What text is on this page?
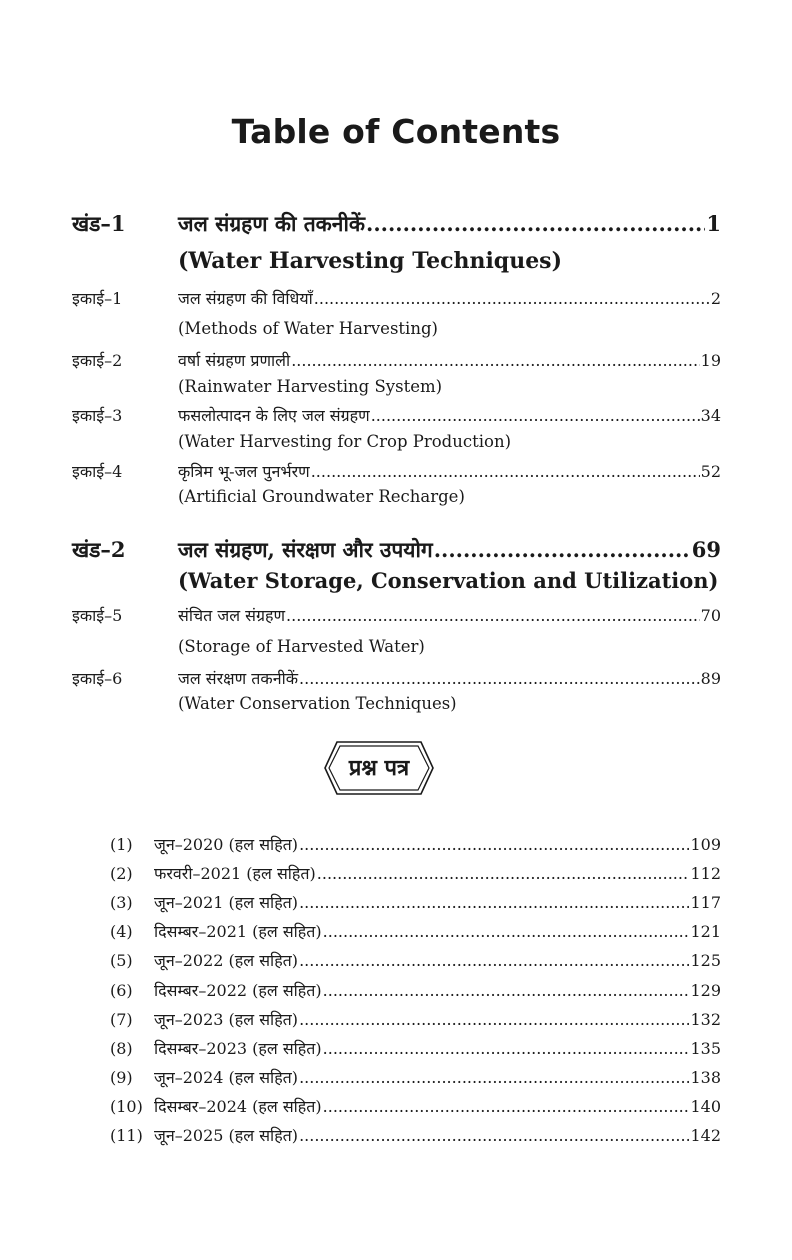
Table of Contents
खंड–1 जल संग्रहण की तकनीकें .....	1
(Water Harvesting Techniques)
इकाई–1	जल संग्रहण की विधियाँ .....	2
(Methods of Water Harvesting)
इकाई–2	वर्षा संग्रहण प्रणाली .....	19
(Rainwater Harvesting System)
इकाई–3	फसलोत्पादन के लिए जल संग्रहण .....	34
(Water Harvesting for Crop Production)
इकाई–4	कृत्रिम भू-जल पुनर्भरण .....	52
(Artificial Groundwater Recharge)
खंड–2 जल संग्रहण, संरक्षण और उपयोग .....	69
(Water Storage, Conservation and Utilization)
इकाई–5	संचित जल संग्रहण .....	70
(Storage of Harvested Water)
इकाई–6	जल संरक्षण तकनीकें .....	89
(Water Conservation Techniques)
प्रश्न पत्र
(1)	जून–2020 (हल सहित) .....	109
(2)	फरवरी–2021 (हल सहित) .....	112
(3)	जून–2021 (हल सहित) .....	117
(4)	दिसम्बर–2021 (हल सहित) .....	121
(5)	जून–2022 (हल सहित) .....	125
(6)	दिसम्बर–2022 (हल सहित) .....	129
(7)	जून–2023 (हल सहित) .....	132
(8)	दिसम्बर–2023 (हल सहित) .....	135
(9)	जून–2024 (हल सहित) .....	138
(10) दिसम्बर–2024 (हल सहित) .....	140
(11) जून–2025 (हल सहित) .....	142
